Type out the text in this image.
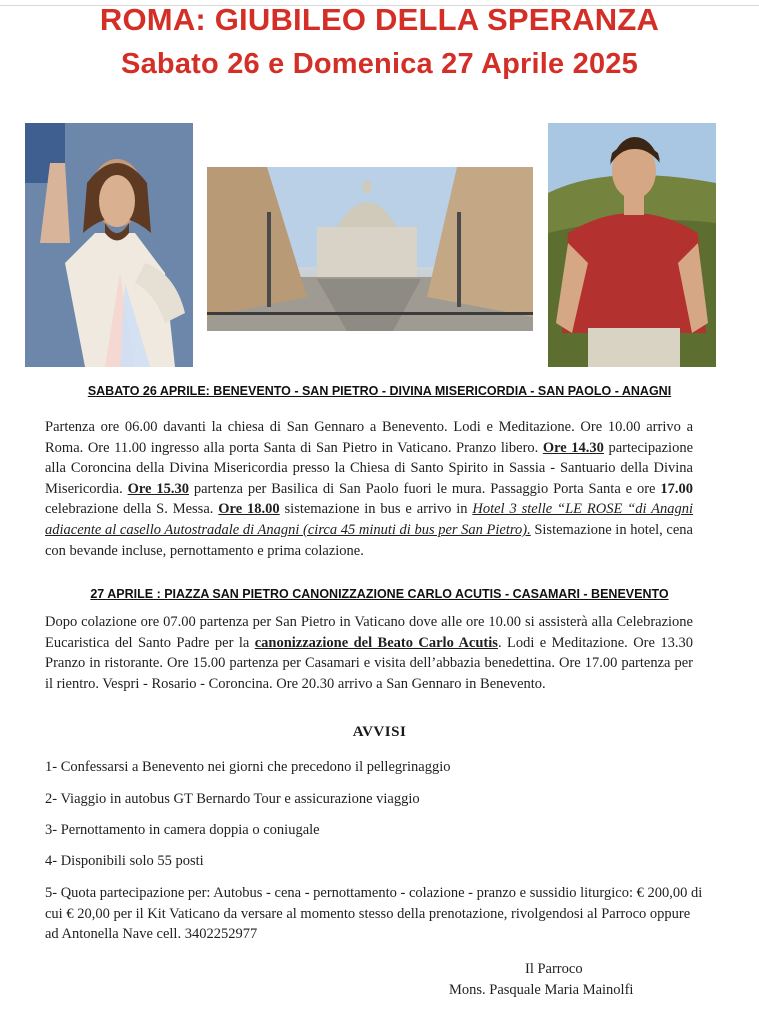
ROMA: GIUBILEO DELLA SPERANZA
Sabato 26 e Domenica 27 Aprile 2025
SABATO 26 APRILE: BENEVENTO - SAN PIETRO - DIVINA MISERICORDIA - SAN PAOLO - ANAGNI
Partenza ore 06.00 davanti la chiesa di San Gennaro a Benevento. Lodi e Meditazione. Ore 10.00 arrivo a Roma. Ore 11.00 ingresso alla porta Santa di San Pietro in Vaticano. Pranzo libero. Ore 14.30 partecipazione alla Coroncina della Divina Misericordia presso la Chiesa di Santo Spirito in Sassia - Santuario della Divina Misericordia. Ore 15.30 partenza per Basilica di San Paolo fuori le mura. Passaggio Porta Santa e ore 17.00 celebrazione della S. Messa. Ore 18.00 sistemazione in bus e arrivo in Hotel 3 stelle “LE ROSE “di Anagni adiacente al casello Autostradale di Anagni (circa 45 minuti di bus per San Pietro). Sistemazione in hotel, cena con bevande incluse, pernottamento e prima colazione.
27 APRILE : PIAZZA SAN PIETRO CANONIZZAZIONE CARLO ACUTIS - CASAMARI - BENEVENTO
Dopo colazione ore 07.00 partenza per San Pietro in Vaticano dove alle ore 10.00 si assisterà alla Celebrazione Eucaristica del Santo Padre per la canonizzazione del Beato Carlo Acutis. Lodi e Meditazione. Ore 13.30 Pranzo in ristorante. Ore 15.00 partenza per Casamari e visita dell’abbazia benedettina. Ore 17.00 partenza per il rientro. Vespri - Rosario - Coroncina. Ore 20.30 arrivo a San Gennaro in Benevento.
AVVISI
1- Confessarsi a Benevento nei giorni che precedono il pellegrinaggio
2- Viaggio in autobus GT Bernardo Tour e assicurazione viaggio
3- Pernottamento in camera doppia o coniugale
4- Disponibili solo 55 posti
5- Quota partecipazione per: Autobus - cena - pernottamento - colazione - pranzo e sussidio liturgico: € 200,00 di cui € 20,00 per il Kit Vaticano da versare al momento stesso della prenotazione, rivolgendosi al Parroco oppure ad Antonella Nave cell. 3402252977
Il Parroco
Mons. Pasquale Maria Mainolfi
